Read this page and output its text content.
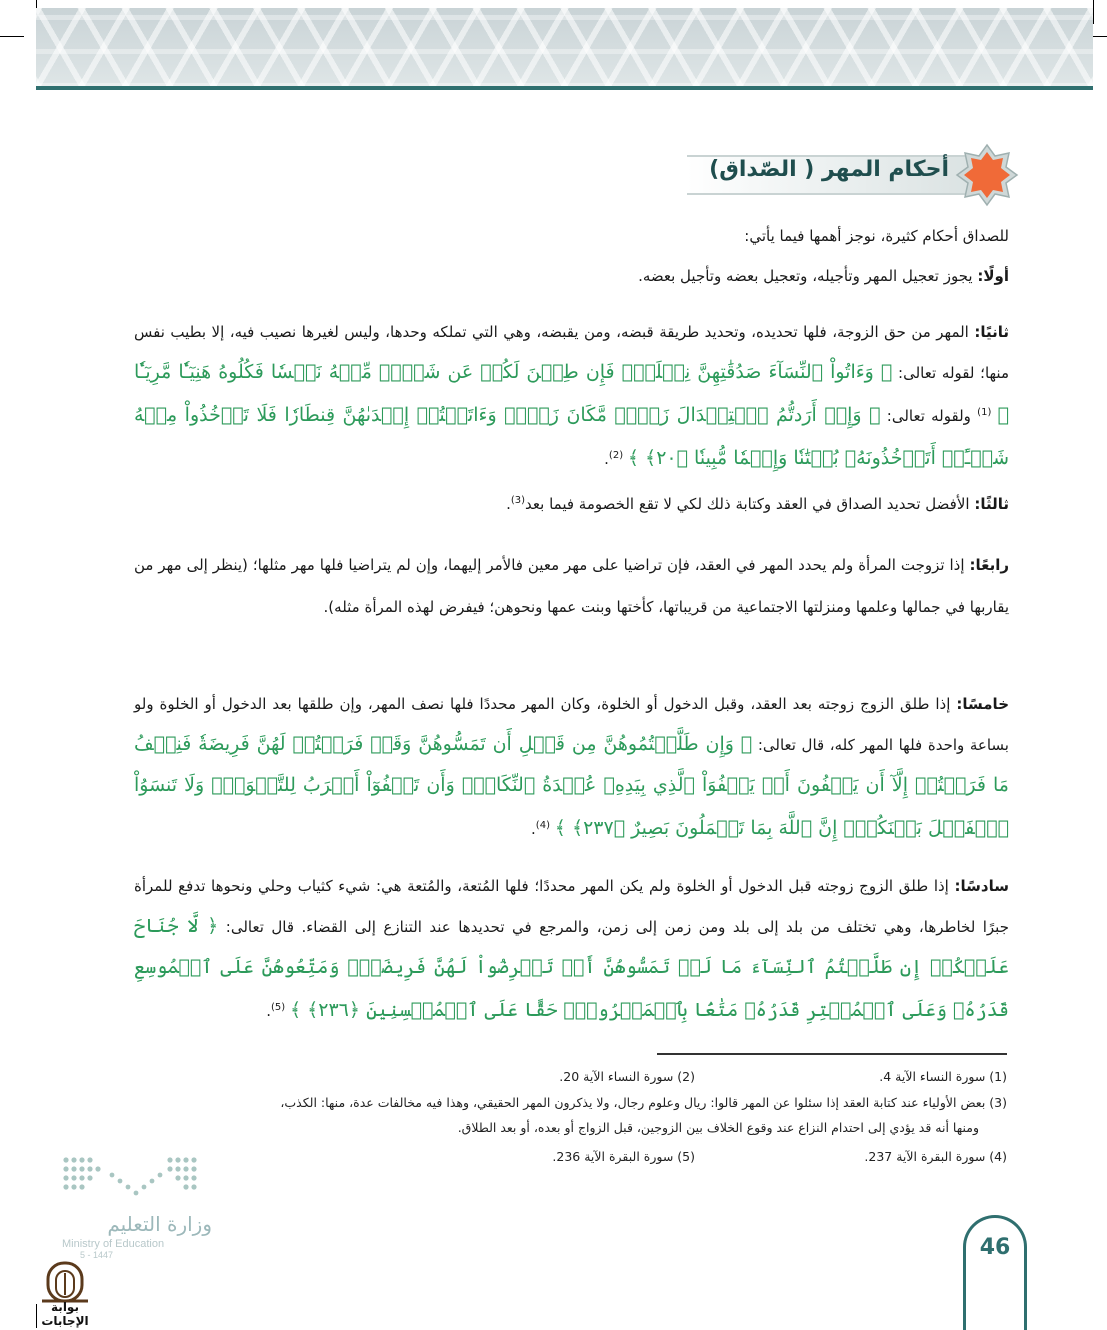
أحكام المهر ( الصّداق)
للصداق أحكام كثيرة، نوجز أهمها فيما يأتي:
أولًا: يجوز تعجيل المهر وتأجيله، وتعجيل بعضه وتأجيل بعضه.
ثانيًا: المهر من حق الزوجة، فلها تحديده، وتحديد طريقة قبضه، ومن يقبضه، وهي التي تملكه وحدها، وليس لغيرها نصيب فيه، إلا بطيب نفس منها؛ لقوله تعالى: ﴿ وَءَاتُواْ ٱلنِّسَآءَ صَدُقَٰتِهِنَّ نِحۡلَةٗۚ فَإِن طِبۡنَ لَكُمۡ عَن شَيۡءٖ مِّنۡهُ نَفۡسٗا فَكُلُوهُ هَنِيٓـٔٗا مَّرِيٓـٔٗا ﴾ $^{(1)}$ ولقوله تعالى: ﴿ وَإِنۡ أَرَدتُّمُ ٱسۡتِبۡدَالَ زَوۡجٖ مَّكَانَ زَوۡجٖ وَءَاتَيۡتُمۡ إِحۡدَىٰهُنَّ قِنطَارٗا فَلَا تَأۡخُذُواْ مِنۡهُ شَيۡـًٔاۚ أَتَأۡخُذُونَهُۥ بُهۡتَٰنٗا وَإِثۡمٗا مُّبِينٗا ﴿٢٠﴾ ﴾ $^{(2)}$.
ثالثًا: الأفضل تحديد الصداق في العقد وكتابة ذلك لكي لا تقع الخصومة فيما بعد$^{(3)}$.
رابعًا: إذا تزوجت المرأة ولم يحدد المهر في العقد، فإن تراضيا على مهر معين فالأمر إليهما، وإن لم يتراضيا فلها مهر مثلها؛ (ينظر إلى مهر من يقاربها في جمالها وعلمها ومنزلتها الاجتماعية من قريباتها، كأختها وبنت عمها ونحوهن؛ فيفرض لهذه المرأة مثله).
خامسًا: إذا طلق الزوج زوجته بعد العقد، وقبل الدخول أو الخلوة، وكان المهر محددًا فلها نصف المهر، وإن طلقها بعد الدخول أو الخلوة ولو بساعة واحدة فلها المهر كله، قال تعالى: ﴿ وَإِن طَلَّقۡتُمُوهُنَّ مِن قَبۡلِ أَن تَمَسُّوهُنَّ وَقَدۡ فَرَضۡتُمۡ لَهُنَّ فَرِيضَةٗ فَنِصۡفُ مَا فَرَضۡتُمۡ إِلَّآ أَن يَعۡفُونَ أَوۡ يَعۡفُوَاْ ٱلَّذِي بِيَدِهِۦ عُقۡدَةُ ٱلنِّكَاحِۚ وَأَن تَعۡفُوٓاْ أَقۡرَبُ لِلتَّقۡوَىٰۚ وَلَا تَنسَوُاْ ٱلۡفَضۡلَ بَيۡنَكُمۡۚ إِنَّ ٱللَّهَ بِمَا تَعۡمَلُونَ بَصِيرٌ ﴿٢٣٧﴾ ﴾ $^{(4)}$.
سادسًا: إذا طلق الزوج زوجته قبل الدخول أو الخلوة ولم يكن المهر محددًا؛ فلها المُتعة، والمُتعة هي: شيء كثياب وحلي ونحوها تدفع للمرأة جبرًا لخاطرها، وهي تختلف من بلد إلى بلد ومن زمن إلى زمن، والمرجع في تحديدها عند التنازع إلى القضاء. قال تعالى: ﴿ لَّا جُنَاحَ عَلَيۡكُمۡ إِن طَلَّقۡتُمُ ٱلنِّسَآءَ مَا لَمۡ تَمَسُّوهُنَّ أَوۡ تَفۡرِضُواْ لَهُنَّ فَرِيضَةٗۚ وَمَتِّعُوهُنَّ عَلَى ٱلۡمُوسِعِ قَدَرُهُۥ وَعَلَى ٱلۡمُقۡتِرِ قَدَرُهُۥ مَتَٰعَۢا بِٱلۡمَعۡرُوفِۖ حَقًّا عَلَى ٱلۡمُحۡسِنِينَ ﴿٢٣٦﴾ ﴾ $^{(5)}$.
(1) سورة النساء الآية 4.
(2) سورة النساء الآية 20.
(3) بعض الأولياء عند كتابة العقد إذا سئلوا عن المهر قالوا: ريال وعلوم رجال، ولا يذكرون المهر الحقيقي، وهذا فيه مخالفات عدة، منها: الكذب،
ومنها أنه قد يؤدي إلى احتدام النزاع عند وقوع الخلاف بين الزوجين، قبل الزواج أو بعده، أو بعد الطلاق.
(4) سورة البقرة الآية 237.
(5) سورة البقرة الآية 236.
وزارة التعليم
Ministry of Education
5 - 1447
بوابة الإجابات
46
